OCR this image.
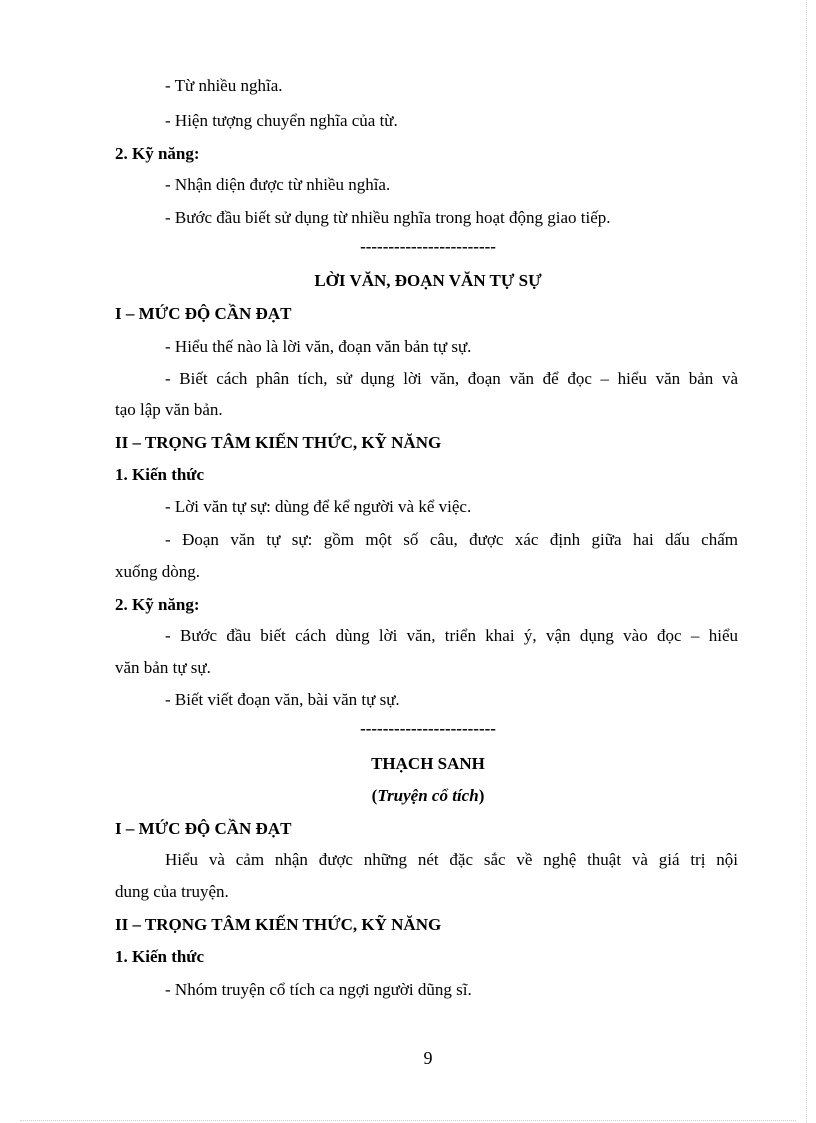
- Từ nhiều nghĩa.
- Hiện tượng chuyển nghĩa của từ.
2. Kỹ năng:
- Nhận diện được từ nhiều nghĩa.
- Bước đầu biết sử dụng từ nhiều nghĩa trong hoạt động giao tiếp.
------------------------
LỜI VĂN, ĐOẠN VĂN TỰ SỰ
I – MỨC ĐỘ CẦN ĐẠT
- Hiểu thế nào là lời văn, đoạn văn bản tự sự.
- Biết cách phân tích, sử dụng lời văn, đoạn văn để đọc – hiểu văn bản và
tạo lập văn bản.
II – TRỌNG TÂM KIẾN THỨC, KỸ NĂNG
1. Kiến thức
- Lời văn tự sự: dùng để kể người và kể việc.
- Đoạn văn tự sự: gồm một số câu, được xác định giữa hai dấu chấm
xuống dòng.
2. Kỹ năng:
- Bước đầu biết cách dùng lời văn, triển khai ý, vận dụng vào đọc – hiểu
văn bản tự sự.
- Biết viết đoạn văn, bài văn tự sự.
------------------------
THẠCH SANH
(Truyện cổ tích)
I – MỨC ĐỘ CẦN ĐẠT
Hiểu và cảm nhận được những nét đặc sắc về nghệ thuật và giá trị nội
dung của truyện.
II – TRỌNG TÂM KIẾN THỨC, KỸ NĂNG
1. Kiến thức
- Nhóm truyện cổ tích ca ngợi người dũng sĩ.
9
